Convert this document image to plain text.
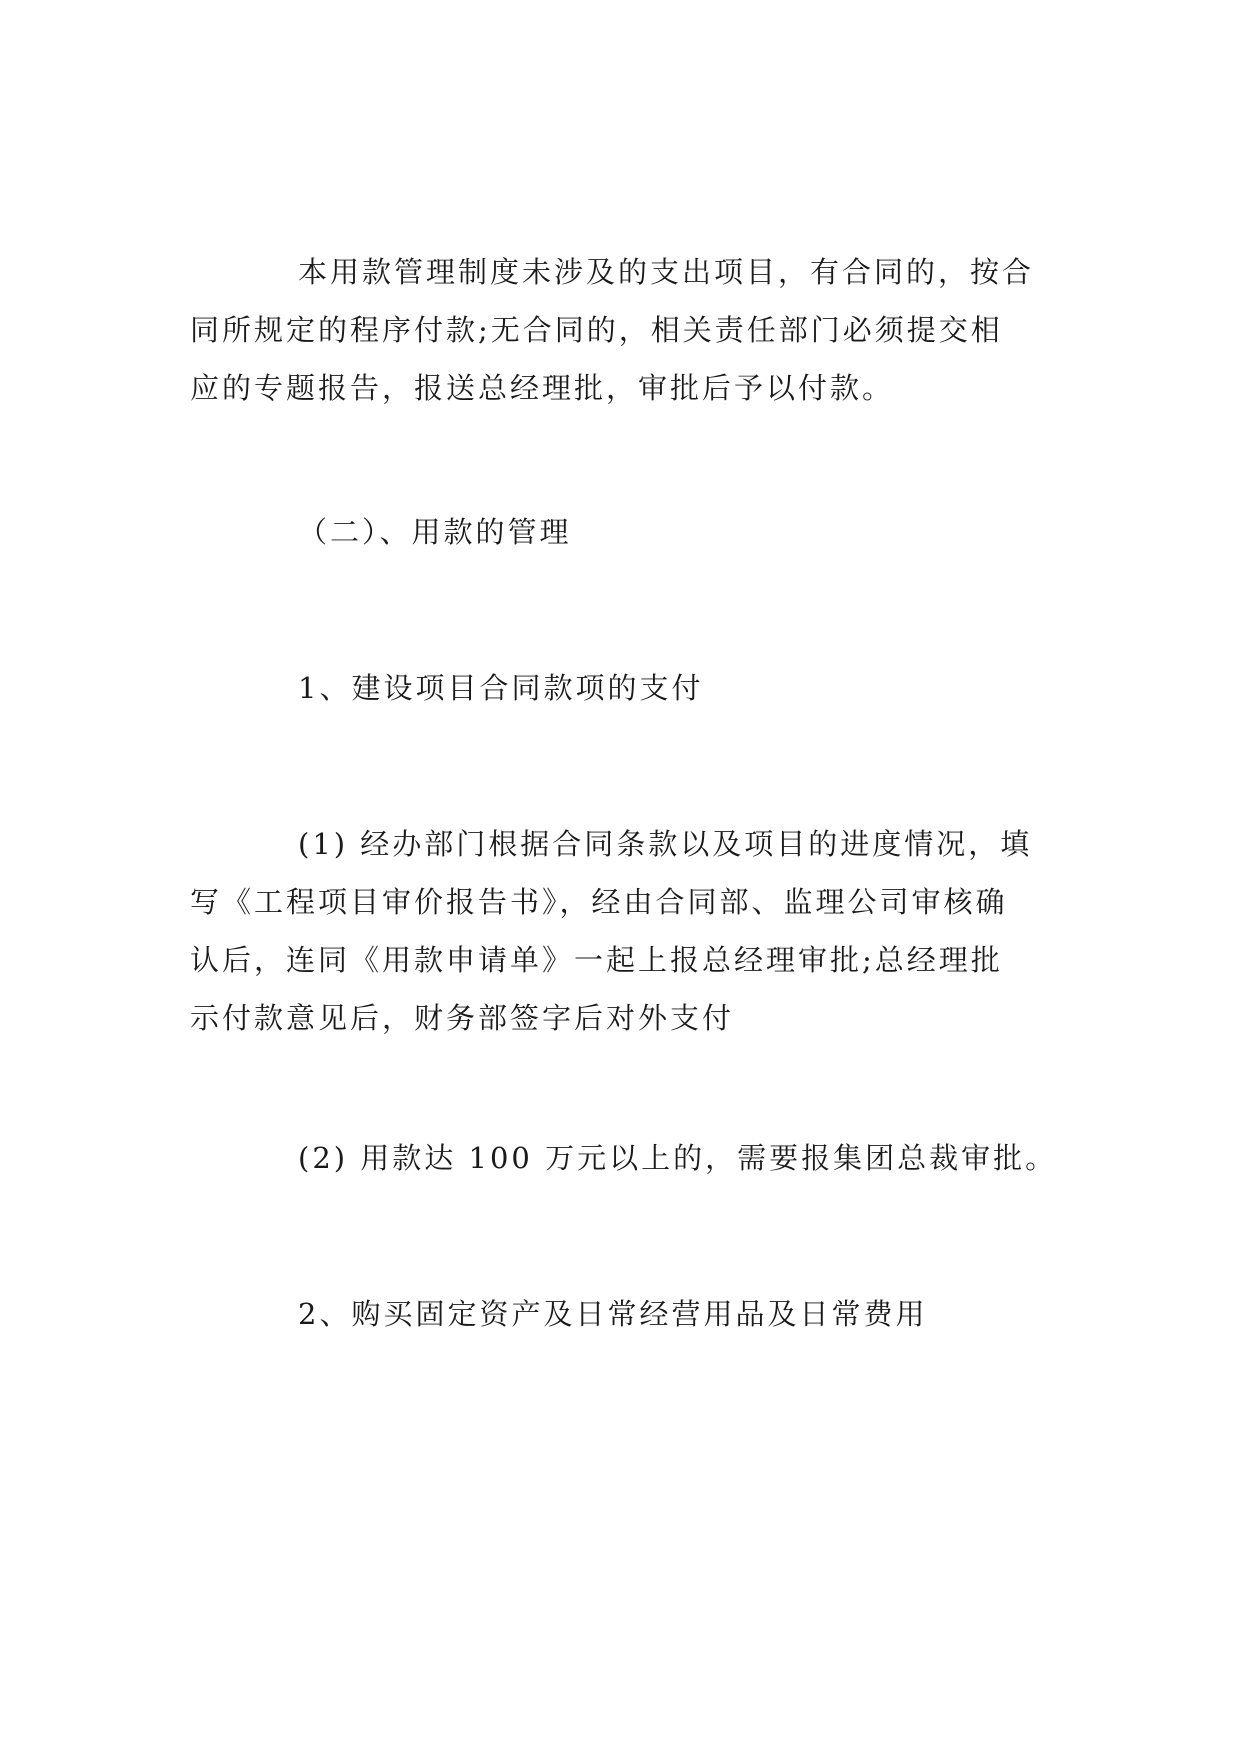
本用款管理制度未涉及的支出项目，有合同的，按合
同所规定的程序付款;无合同的，相关责任部门必须提交相
应的专题报告，报送总经理批，审批后予以付款。
（二）、用款的管理
1、建设项目合同款项的支付
(1) 经办部门根据合同条款以及项目的进度情况，填
写《工程项目审价报告书》，经由合同部、监理公司审核确
认后，连同《用款申请单》一起上报总经理审批;总经理批
示付款意见后，财务部签字后对外支付
(2) 用款达 100 万元以上的，需要报集团总裁审批。
2、购买固定资产及日常经营用品及日常费用
